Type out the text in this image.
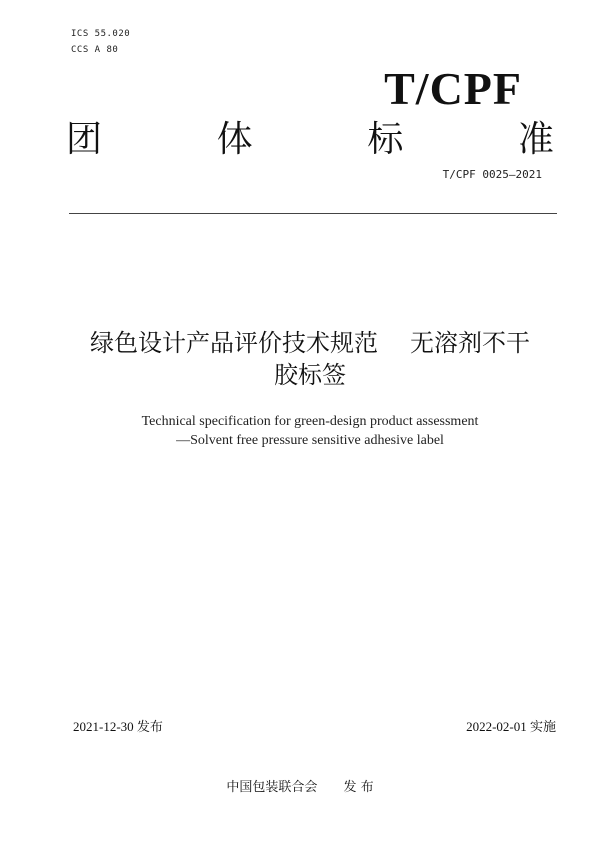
ICS 55.020
CCS A 80
T/CPF
团	体	标	准
T/CPF 0025—2021
绿色设计产品评价技术规范 无溶剂不干
胶标签
Technical specification for green-design product assessment
—Solvent free pressure sensitive adhesive label
2021-12-30 发布	2022-02-01 实施
中国包装联合会 发 布
